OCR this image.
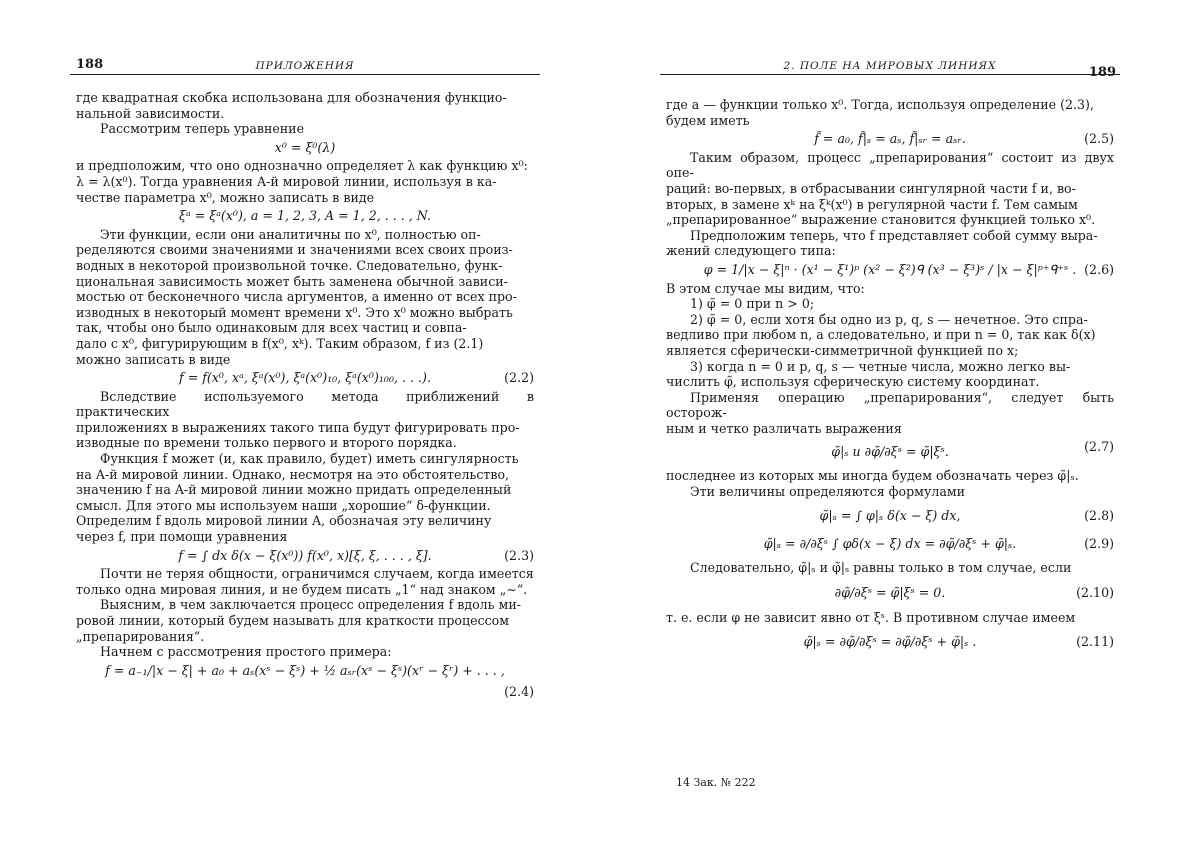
188	ПРИЛОЖЕНИЯ
где квадратная скобка использована для обозначения функцио-
нальной зависимости.
Рассмотрим теперь уравнение
x⁰ = ξ⁰(λ)
и предположим, что оно однозначно определяет λ как функцию x⁰:
λ = λ(x⁰). Тогда уравнения A-й мировой линии, используя в ка-
честве параметра x⁰, можно записать в виде
ξᵃ = ξᵃ(x⁰), a = 1, 2, 3, A = 1, 2, . . . , N.
Эти функции, если они аналитичны по x⁰, полностью оп-
ределяются своими значениями и значениями всех своих произ-
водных в некоторой произвольной точке. Следовательно, функ-
циональная зависимость может быть заменена обычной зависи-
мостью от бесконечного числа аргументов, а именно от всех про-
изводных в некоторый момент времени x⁰. Это x⁰ можно выбрать
так, чтобы оно было одинаковым для всех частиц и совпа-
дало с x⁰, фигурирующим в f(x⁰, xᵏ). Таким образом, f из (2.1)
можно записать в виде
f = f(x⁰, xᵃ, ξᵃ(x⁰), ξᵃ(x⁰)₁₀, ξᵃ(x⁰)₁₀₀, . . .).	(2.2)
Вследствие используемого метода приближений в практических
приложениях в выражениях такого типа будут фигурировать про-
изводные по времени только первого и второго порядка.
Функция f может (и, как правило, будет) иметь сингулярность
на A-й мировой линии. Однако, несмотря на это обстоятельство,
значению f на A-й мировой линии можно придать определенный
смысл. Для этого мы используем наши „хорошие“ δ-функции.
Определим f вдоль мировой линии A, обозначая эту величину
через f, при помощи уравнения
f = ∫ dx δ(x − ξ(x⁰)) f(x⁰, x)[ξ, ξ, . . . , ξ].	(2.3)
Почти не теряя общности, ограничимся случаем, когда имеется
только одна мировая линия, и не будем писать „1“ над знаком „∼“.
Выясним, в чем заключается процесс определения f вдоль ми-
ровой линии, который будем называть для краткости процессом
„препарирования“.
Начнем с рассмотрения простого примера:
f = a₋₁/|x − ξ| + a₀ + aₛ(xˢ − ξˢ) + ½ aₛᵣ(xˢ − ξˢ)(xʳ − ξʳ) + . . . ,
(2.4)
2. ПОЛЕ НА МИРОВЫХ ЛИНИЯХ	189
где a — функции только x⁰. Тогда, используя определение (2.3),
будем иметь
f̃ = a₀, f̃|ₛ = aₛ, f̃|ₛᵣ = aₛᵣ.	(2.5)
Таким образом, процесс „препарирования“ состоит из двух опе-
раций: во-первых, в отбрасывании сингулярной части f и, во-
вторых, в замене xᵏ на ξᵏ(x⁰) в регулярной части f. Тем самым
„препарированное“ выражение становится функцией только x⁰.
Предположим теперь, что f представляет собой сумму выра-
жений следующего типа:
φ = 1/|x − ξ|ⁿ · (x¹ − ξ¹)ᵖ (x² − ξ²)ᑫ (x³ − ξ³)ˢ / |x − ξ|ᵖ⁺ᑫ⁺ˢ . (2.6)
В этом случае мы видим, что:
1) φ̃ = 0 при n > 0;
2) φ̃ = 0, если хотя бы одно из p, q, s — нечетное. Это спра-
ведливо при любом n, а следовательно, и при n = 0, так как δ(x)
является сферически-симметричной функцией по x;
3) когда n = 0 и p, q, s — четные числа, можно легко вы-
числить φ̃, используя сферическую систему координат.
Применяя операцию „препарирования“, следует быть осторож-
ным и четко различать выражения
φ̃|ₛ и ∂φ̃/∂ξˢ = φ̃|ξˢ.	(2.7)
последнее из которых мы иногда будем обозначать через φ̃|ₛ.
Эти величины определяются формулами
φ̃|ₛ = ∫ φ|ₛ δ(x − ξ) dx,	(2.8)
φ̃|ₛ = ∂/∂ξˢ ∫ φδ(x − ξ) dx = ∂φ̃/∂ξˢ + φ̃|ₛ.	(2.9)
Следовательно, φ̃|ₛ и φ̃|ₛ равны только в том случае, если
∂φ̃/∂ξˢ = φ̃|ξˢ = 0.	(2.10)
т. е. если φ не зависит явно от ξˢ. В противном случае имеем
φ̃|ₛ = ∂φ̃/∂ξˢ = ∂φ̃/∂ξˢ + φ̃|ₛ .	(2.11)
14 Зак. № 222
